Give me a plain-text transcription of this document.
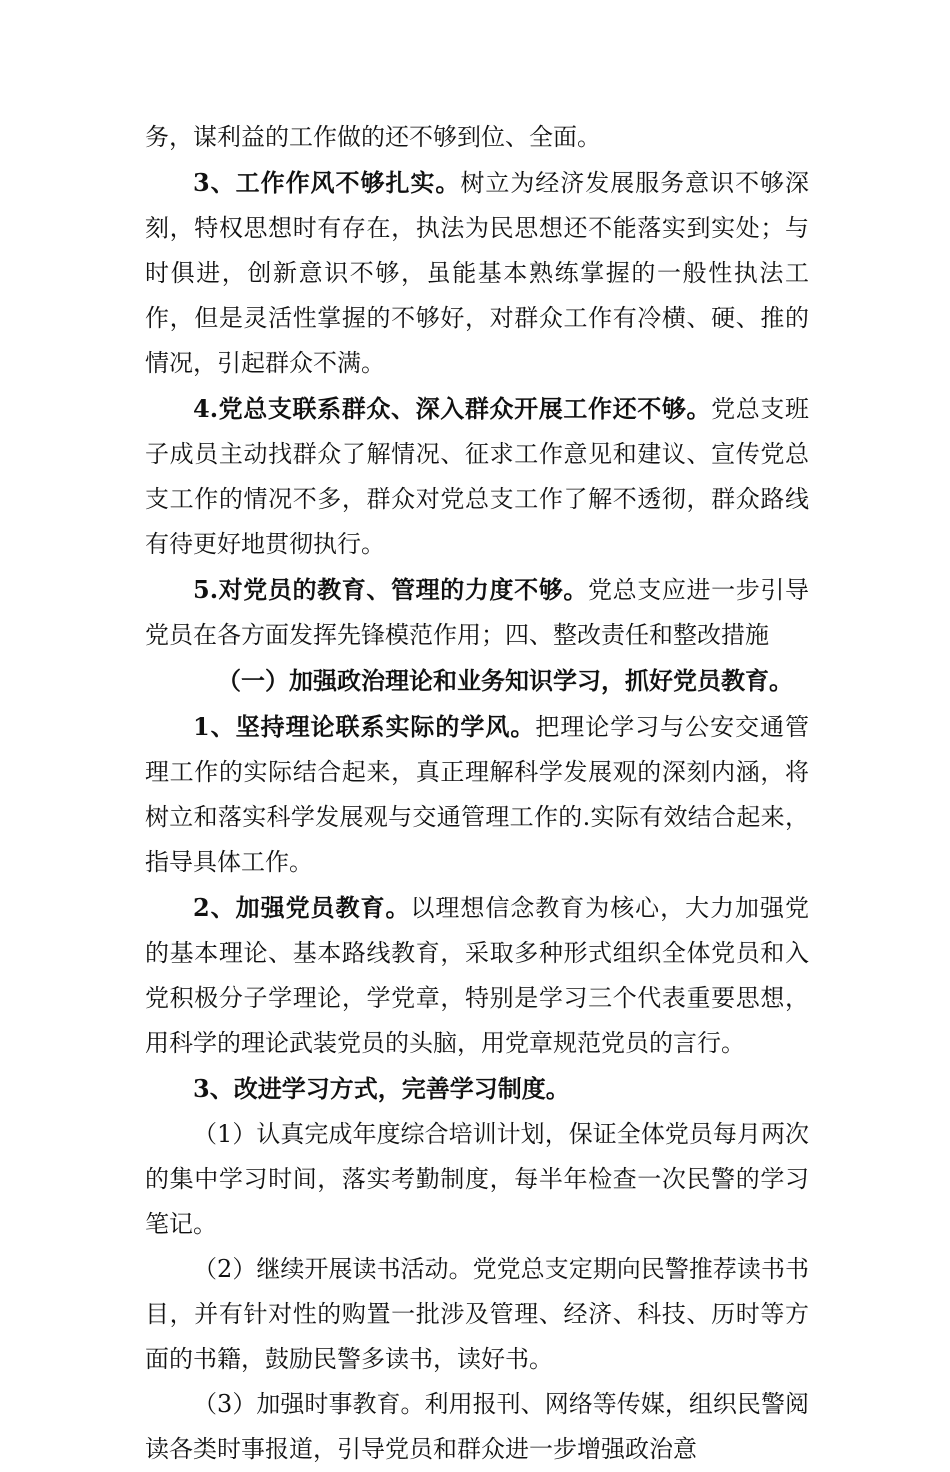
务，谋利益的工作做的还不够到位、全面。

3、工作作风不够扎实。树立为经济发展服务意识不够深刻，特权思想时有存在，执法为民思想还不能落实到实处；与时俱进，创新意识不够，虽能基本熟练掌握的一般性执法工作，但是灵活性掌握的不够好，对群众工作有冷横、硬、推的情况，引起群众不满。

4.党总支联系群众、深入群众开展工作还不够。党总支班子成员主动找群众了解情况、征求工作意见和建议、宣传党总支工作的情况不多，群众对党总支工作了解不透彻，群众路线有待更好地贯彻执行。

5.对党员的教育、管理的力度不够。党总支应进一步引导党员在各方面发挥先锋模范作用；四、整改责任和整改措施

（一）加强政治理论和业务知识学习，抓好党员教育。

1、坚持理论联系实际的学风。把理论学习与公安交通管理工作的实际结合起来，真正理解科学发展观的深刻内涵，将树立和落实科学发展观与交通管理工作的.实际有效结合起来，指导具体工作。

2、加强党员教育。以理想信念教育为核心，大力加强党的基本理论、基本路线教育，采取多种形式组织全体党员和入党积极分子学理论，学党章，特别是学习三个代表重要思想，用科学的理论武装党员的头脑，用党章规范党员的言行。

3、改进学习方式，完善学习制度。

（1）认真完成年度综合培训计划，保证全体党员每月两次的集中学习时间，落实考勤制度，每半年检查一次民警的学习笔记。

（2）继续开展读书活动。党党总支定期向民警推荐读书书目，并有针对性的购置一批涉及管理、经济、科技、历时等方面的书籍，鼓励民警多读书，读好书。

（3）加强时事教育。利用报刊、网络等传媒，组织民警阅读各类时事报道，引导党员和群众进一步增强政治意
